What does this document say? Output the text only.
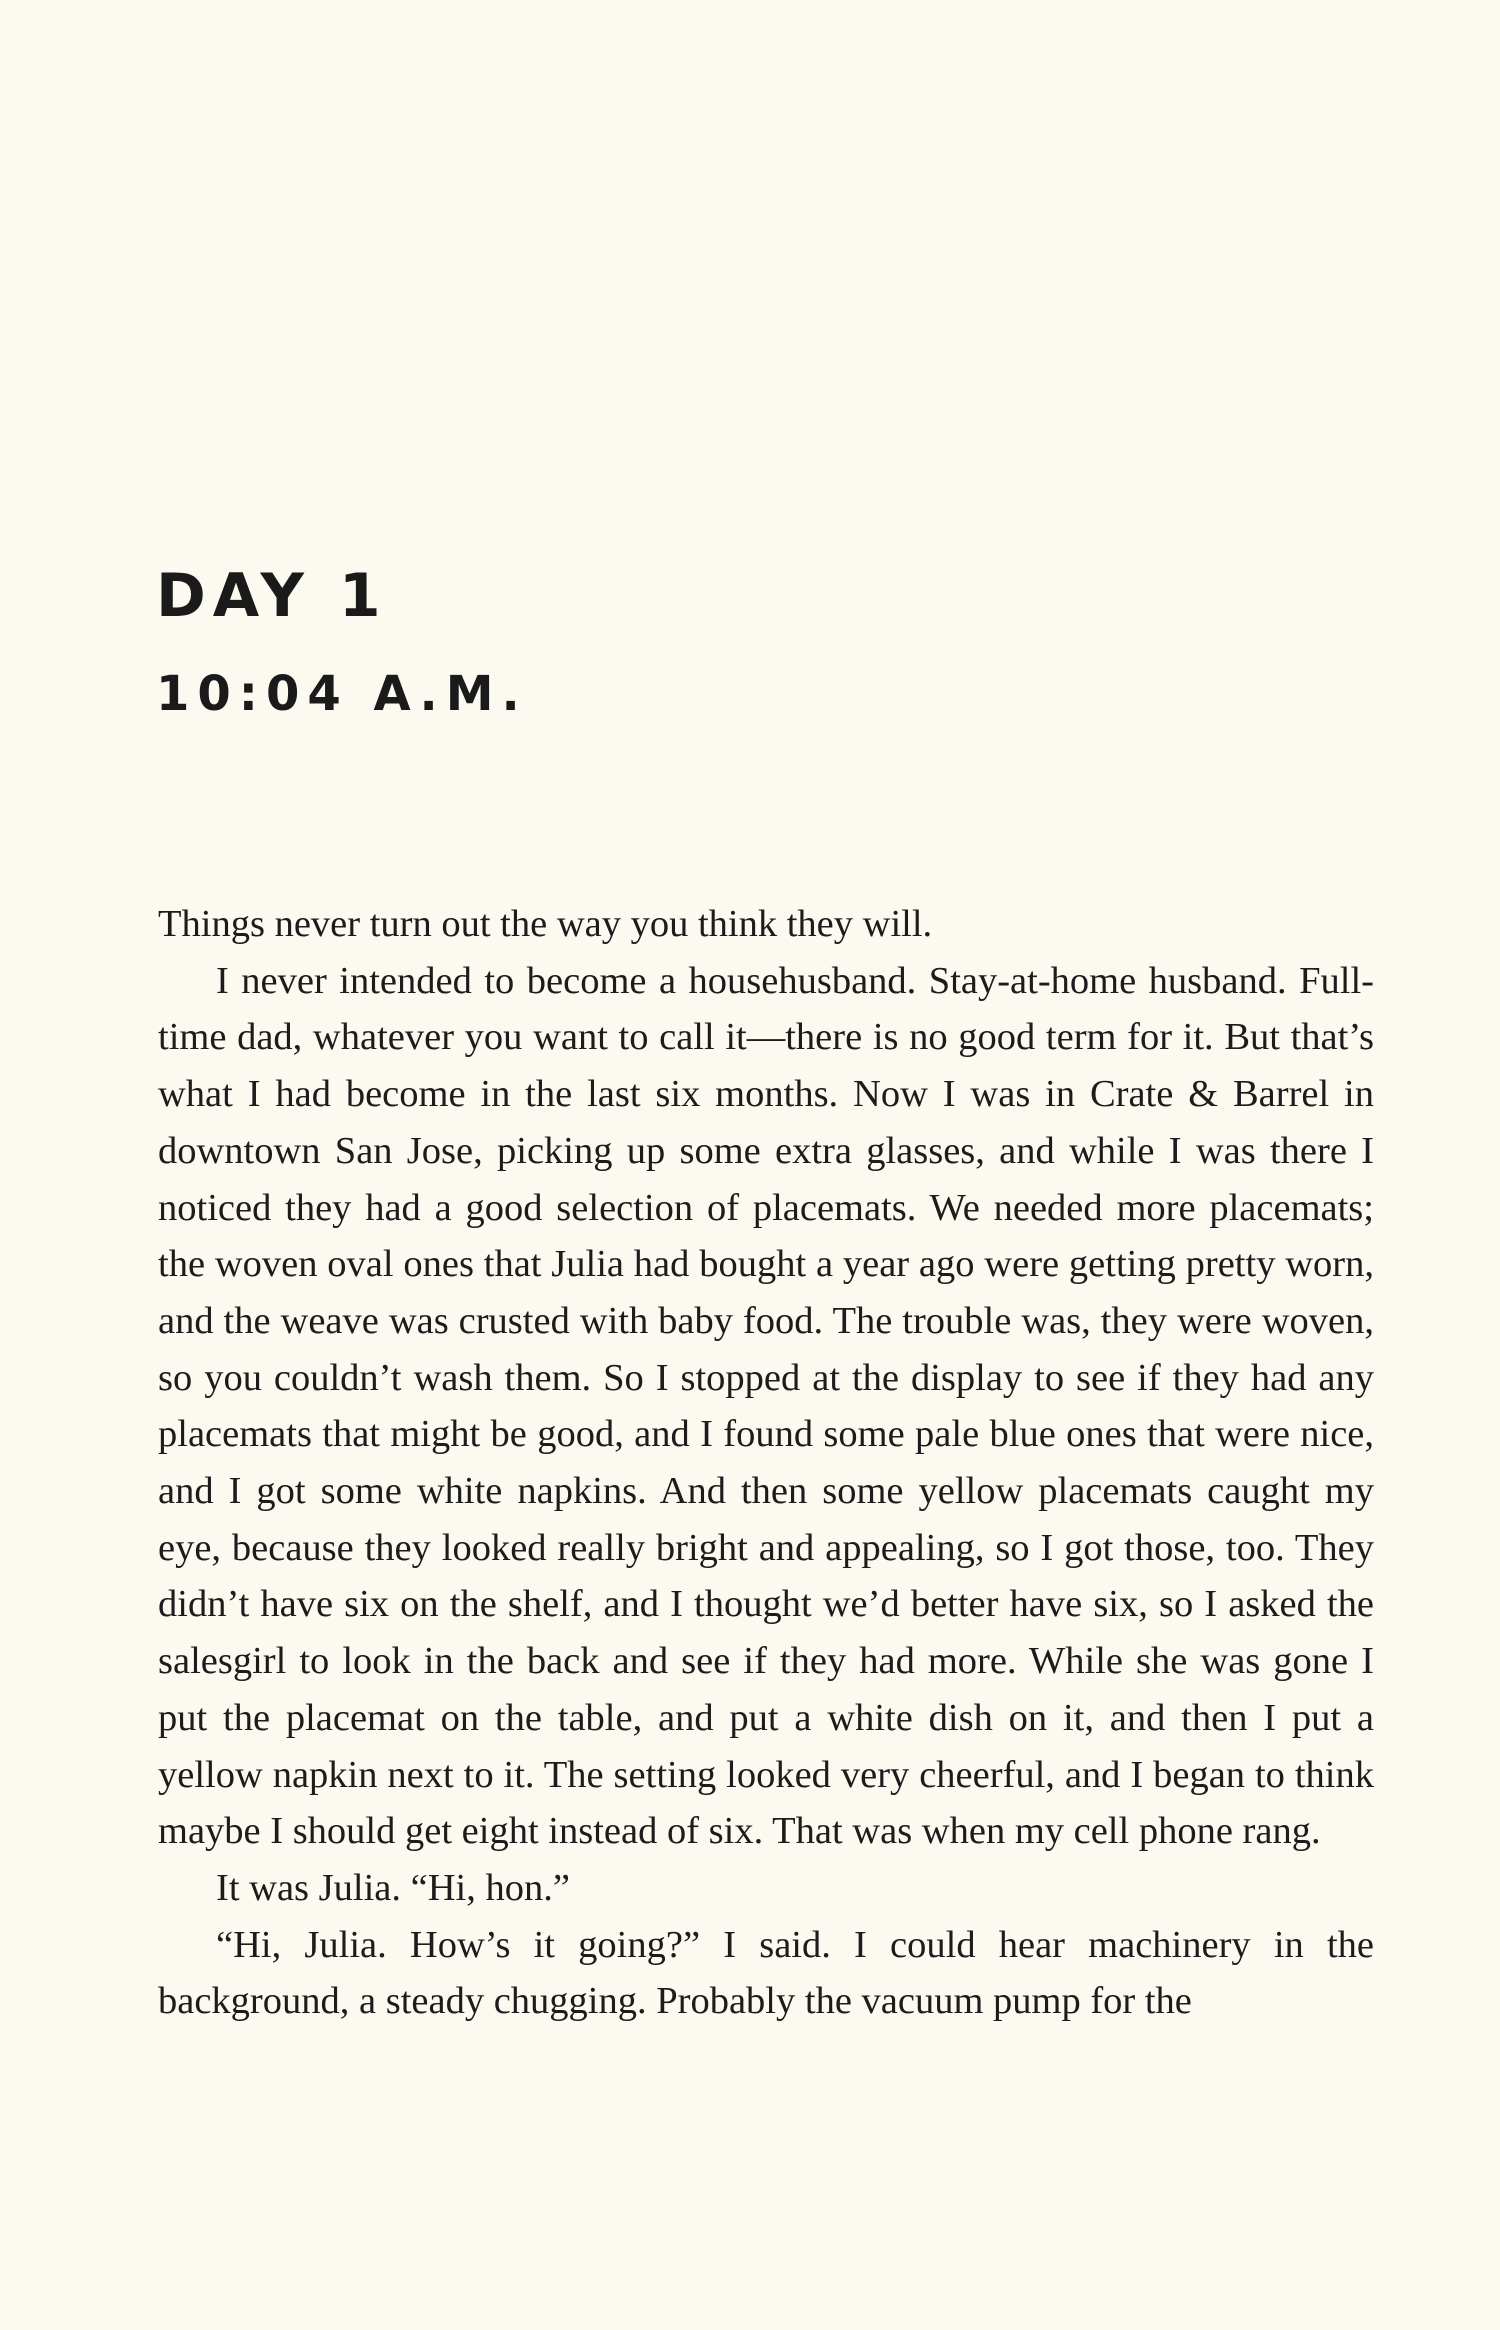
DAY 1
10:04 A.M.

Things never turn out the way you think they will.

I never intended to become a househusband. Stay-at-home husband. Full-time dad, whatever you want to call it—there is no good term for it. But that’s what I had become in the last six months. Now I was in Crate & Barrel in downtown San Jose, picking up some extra glasses, and while I was there I noticed they had a good selection of placemats. We needed more placemats; the woven oval ones that Julia had bought a year ago were getting pretty worn, and the weave was crusted with baby food. The trouble was, they were woven, so you couldn’t wash them. So I stopped at the display to see if they had any placemats that might be good, and I found some pale blue ones that were nice, and I got some white napkins. And then some yellow placemats caught my eye, because they looked really bright and appealing, so I got those, too. They didn’t have six on the shelf, and I thought we’d better have six, so I asked the salesgirl to look in the back and see if they had more. While she was gone I put the placemat on the table, and put a white dish on it, and then I put a yellow napkin next to it. The setting looked very cheerful, and I began to think maybe I should get eight instead of six. That was when my cell phone rang.

It was Julia. “Hi, hon.”

“Hi, Julia. How’s it going?” I said. I could hear machinery in the background, a steady chugging. Probably the vacuum pump for the
